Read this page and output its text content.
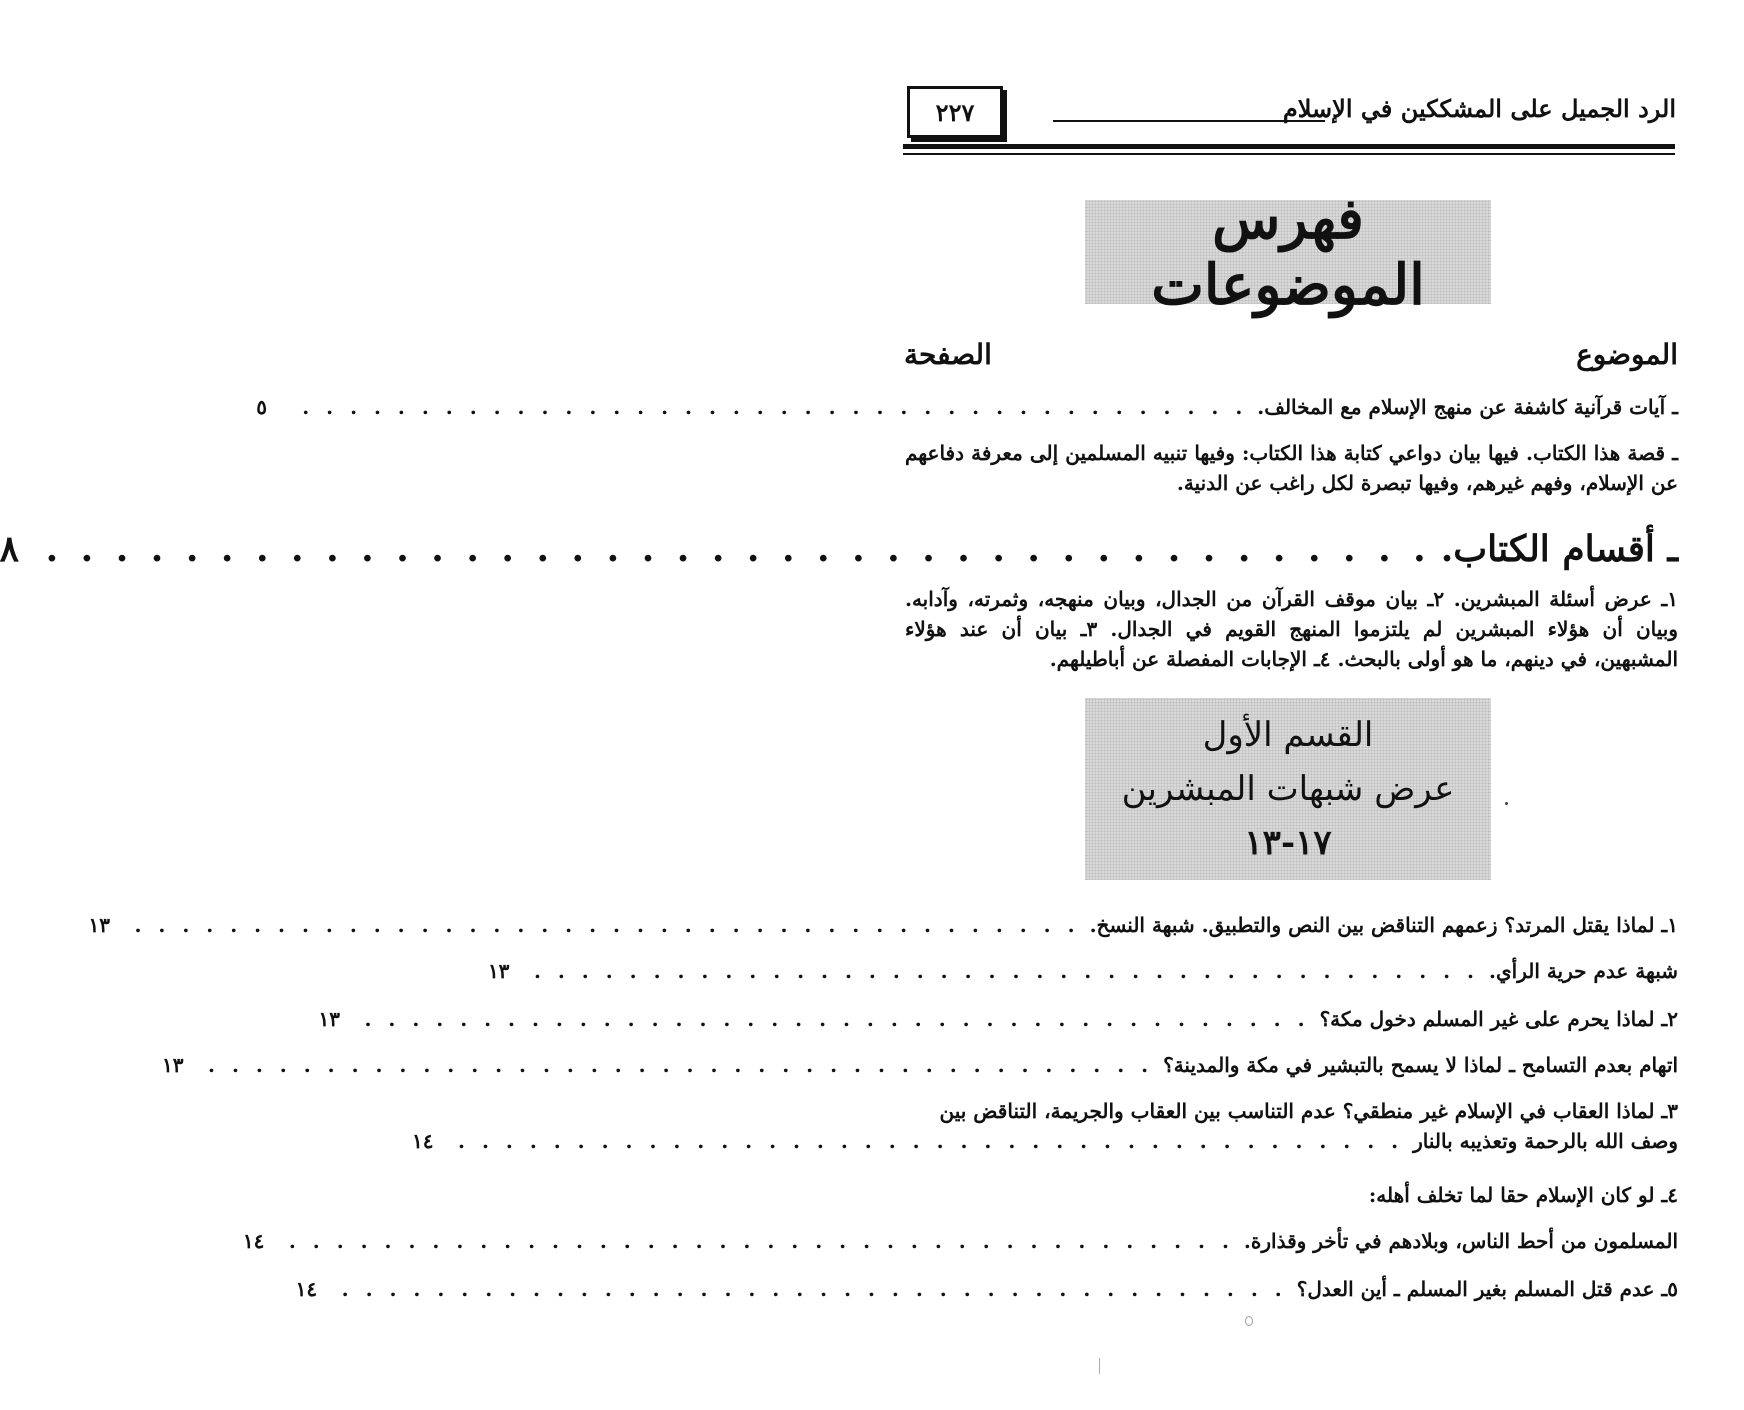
٢٢٧	الرد الجميل على المشككين في الإسلام
فهرس الموضوعات
الموضوع
الصفحة
ـ آيات قرآنية كاشفة عن منهج الإسلام مع المخالف.
. . . . . . . . . . . . . . . . . . . . . . . . . . . . . . . . . . . . . . . .
٥
ـ قصة هذا الكتاب. فيها بيان دواعي كتابة هذا الكتاب: وفيها تنبيه المسلمين إلى معرفة دفاعهم عن الإسلام، وفهم غيرهم، وفيها تبصرة لكل راغب عن الدنية.
ـ أقسام الكتاب.
. . . . . . . . . . . . . . . . . . . . . . . . . . . . . . . . . . . . . . . .
٨
١ـ عرض أسئلة المبشرين. ٢ـ بيان موقف القرآن من الجدال، وبيان منهجه، وثمرته، وآدابه. وبيان أن هؤلاء المبشرين لم يلتزموا المنهج القويم في الجدال. ٣ـ بيان أن عند هؤلاء المشبهين، في دينهم، ما هو أولى بالبحث. ٤ـ الإجابات المفصلة عن أباطيلهم.
القسم الأول
عرض شبهات المبشرين
١٧-١٣
١ـ لماذا يقتل المرتد؟ زعمهم التناقض بين النص والتطبيق. شبهة النسخ.
. . . . . . . . . . . . . . . . . . . . . . . . . . . . . . . . . . . . . . . .
١٣
شبهة عدم حرية الرأي.
. . . . . . . . . . . . . . . . . . . . . . . . . . . . . . . . . . . . . . . .
١٣
٢ـ لماذا يحرم على غير المسلم دخول مكة؟
. . . . . . . . . . . . . . . . . . . . . . . . . . . . . . . . . . . . . . . .
١٣
اتهام بعدم التسامح ـ لماذا لا يسمح بالتبشير في مكة والمدينة؟
. . . . . . . . . . . . . . . . . . . . . . . . . . . . . . . . . . . . . . . .
١٣
٣ـ لماذا العقاب في الإسلام غير منطقي؟ عدم التناسب بين العقاب والجريمة، التناقض بين
وصف الله بالرحمة وتعذيبه بالنار
. . . . . . . . . . . . . . . . . . . . . . . . . . . . . . . . . . . . . . . .
١٤
٤ـ لو كان الإسلام حقا لما تخلف أهله:
المسلمون من أحط الناس، وبلادهم في تأخر وقذارة.
. . . . . . . . . . . . . . . . . . . . . . . . . . . . . . . . . . . . . . . .
١٤
٥ـ عدم قتل المسلم بغير المسلم ـ أين العدل؟
. . . . . . . . . . . . . . . . . . . . . . . . . . . . . . . . . . . . . . . .
١٤
